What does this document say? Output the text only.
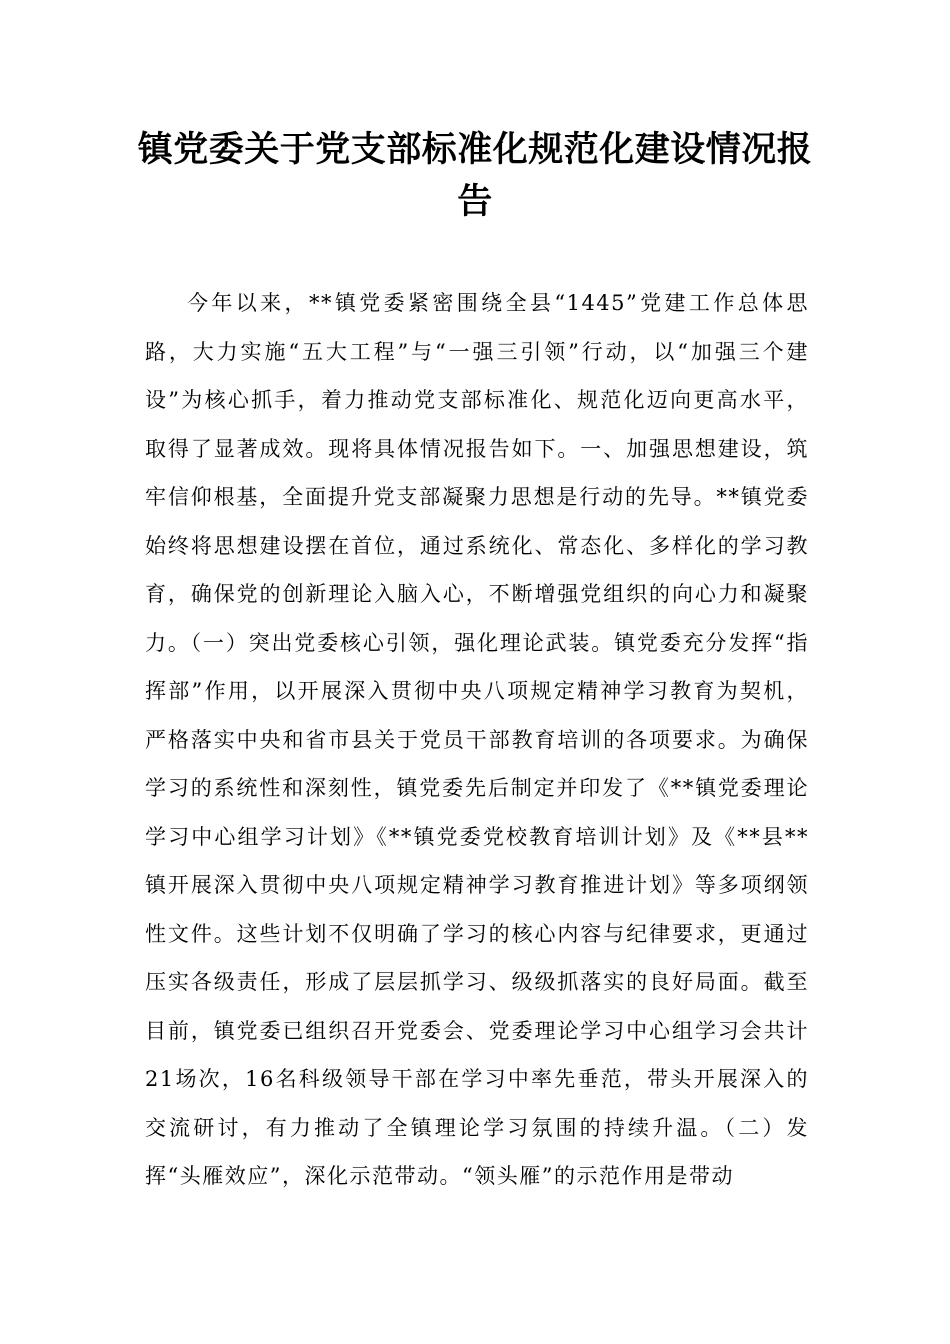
镇党委关于党支部标准化规范化建设情况报告

今年以来，**镇党委紧密围绕全县“1445”党建工作总体思路，大力实施“五大工程”与“一强三引领”行动，以“加强三个建设”为核心抓手，着力推动党支部标准化、规范化迈向更高水平，取得了显著成效。现将具体情况报告如下。一、加强思想建设，筑牢信仰根基，全面提升党支部凝聚力思想是行动的先导。**镇党委始终将思想建设摆在首位，通过系统化、常态化、多样化的学习教育，确保党的创新理论入脑入心，不断增强党组织的向心力和凝聚力。（一）突出党委核心引领，强化理论武装。镇党委充分发挥“指挥部”作用，以开展深入贯彻中央八项规定精神学习教育为契机，严格落实中央和省市县关于党员干部教育培训的各项要求。为确保学习的系统性和深刻性，镇党委先后制定并印发了《**镇党委理论学习中心组学习计划》《**镇党委党校教育培训计划》及《**县**镇开展深入贯彻中央八项规定精神学习教育推进计划》等多项纲领性文件。这些计划不仅明确了学习的核心内容与纪律要求，更通过压实各级责任，形成了层层抓学习、级级抓落实的良好局面。截至目前，镇党委已组织召开党委会、党委理论学习中心组学习会共计21场次，16名科级领导干部在学习中率先垂范，带头开展深入的交流研讨，有力推动了全镇理论学习氛围的持续升温。（二）发挥“头雁效应”，深化示范带动。“领头雁”的示范作用是带动
